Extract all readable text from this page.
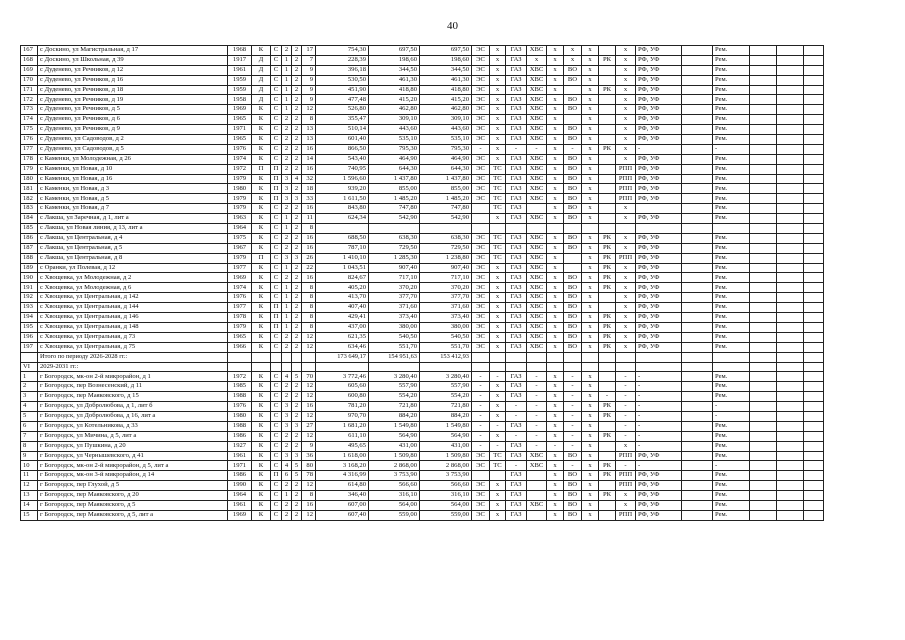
40
167	с Доскино, ул Магистральная, д 17	1968	К	С	2	2	17	754,30	697,50	697,50	ЭС	х	ГАЗ	ХВС	х	х	х		х	РФ, УФ		Рем.			
168	с Доскино, ул Школьная, д 39	1917	Д	С	1	2	7	228,39	198,60	198,60	ЭС	х	ГАЗ	х	х	х	х	РК	х	РФ, УФ		Рем.			
169	с Дуденево, ул Речников, д 12	1961	Д	С	1	2	9	396,18	344,50	344,50	ЭС	х	ГАЗ	ХВС	х	ВО	х		х	РФ, УФ		Рем.			
170	с Дуденево, ул Речников, д 16	1959	Д	С	1	2	9	530,50	461,30	461,30	ЭС	х	ГАЗ	ХВС	х	ВО	х		х	РФ, УФ		Рем.			
171	с Дуденево, ул Речников, д 18	1959	Д	С	1	2	9	451,90	418,80	418,80	ЭС	х	ГАЗ	ХВС	х		х	РК	х	РФ, УФ		Рем.			
172	с Дуденево, ул Речников, д 19	1958	Д	С	1	2	9	477,48	415,20	415,20	ЭС	х	ГАЗ	ХВС	х	ВО	х		х	РФ, УФ		Рем.			
173	с Дуденево, ул Речников, д 5	1969	К	С	1	2	12	526,80	462,80	462,80	ЭС	х	ГАЗ	ХВС	х	ВО	х		х	РФ, УФ		Рем.			
174	с Дуденево, ул Речников, д 6	1965	К	С	2	2	8	355,47	309,10	309,10	ЭС	х	ГАЗ	ХВС	х		х		х	РФ, УФ		Рем.			
175	с Дуденево, ул Речников, д 9	1971	К	С	2	2	13	510,14	443,60	443,60	ЭС	х	ГАЗ	ХВС	х	ВО	х		х	РФ, УФ		Рем.			
176	с Дуденево, ул Садоводов, д 2	1965	К	С	2	2	13	601,40	535,10	535,10	ЭС	х	ГАЗ	ХВС	х	ВО	х		х	РФ, УФ		Рем.			
177	с Дуденево, ул Садоводов, д 5	1976	К	С	2	2	16	866,50	795,30	795,30	-	х	-	-	х	-	х	РК	х	-		-			
178	с Каменки, ул Молодежная, д 26	1974	К	С	2	2	14	543,40	464,90	464,90	ЭС	х	ГАЗ	ХВС	х	ВО	х		х	РФ, УФ		Рем.			
179	с Каменки, ул Новая, д 10	1972	П	П	2	2	16	740,95	644,30	644,30	ЭС	ТС	ГАЗ	ХВС	х	ВО	х		РПП	РФ, УФ		Рем.			
180	с Каменки, ул Новая, д 16	1979	К	П	3	4	32	1 596,60	1 437,80	1 437,80	ЭС	ТС	ГАЗ	ХВС	х	ВО	х		РПП	РФ, УФ		Рем.			
181	с Каменки, ул Новая, д 3	1980	К	П	3	2	18	939,20	855,00	855,00	ЭС	ТС	ГАЗ	ХВС	х	ВО	х		РПП	РФ, УФ		Рем.			
182	с Каменки, ул Новая, д 5	1979	К	П	3	3	33	1 611,50	1 485,20	1 485,20	ЭС	ТС	ГАЗ	ХВС	х	ВО	х		РПП	РФ, УФ		Рем.			
183	с Каменки, ул Новая, д 7	1979	К	С	2	2	16	843,80	747,80	747,80		ТС	ГАЗ		х	ВО	х		х			Рем.			
184	с Лакша, ул Заречная, д 1, лит а	1963	К	С	1	2	11	624,34	542,90	542,90		х	ГАЗ	ХВС	х	ВО	х		х	РФ, УФ		Рем.			
185	с Лакша, ул Новая линия, д 13, лит а	1964	К	С	1	2	8																		
186	с Лакша, ул Центральная, д 4	1975	К	С	2	2	16	688,50	638,30	638,30	ЭС	ТС	ГАЗ	ХВС	х	ВО	х	РК	х	РФ, УФ		Рем.			
187	с Лакша, ул Центральная, д 5	1967	К	С	2	2	16	787,10	729,50	729,50	ЭС	ТС	ГАЗ	ХВС	х	ВО	х	РК	х	РФ, УФ		Рем.			
188	с Лакша, ул Центральная, д 8	1979	П	С	3	3	26	1 410,10	1 285,30	1 238,80	ЭС	ТС	ГАЗ	ХВС	х		х	РК	РПП	РФ, УФ		Рем.			
189	с Оранки, ул Полевая, д 12	1977	К	С	1	2	22	1 043,51	907,40	907,40	ЭС	х	ГАЗ	ХВС	х		х	РК	х	РФ, УФ		Рем.			
190	с Хвощевка, ул Молодежная, д 2	1969	К	С	2	2	16	824,67	717,10	717,10	ЭС	х	ГАЗ	ХВС	х	ВО	х	РК	х	РФ, УФ		Рем.			
191	с Хвощевка, ул Молодежная, д 6	1974	К	С	1	2	8	405,20	370,20	370,20	ЭС	х	ГАЗ	ХВС	х	ВО	х	РК	х	РФ, УФ		Рем.			
192	с Хвощевка, ул Центральная, д 142	1976	К	С	1	2	8	413,70	377,70	377,70	ЭС	х	ГАЗ	ХВС	х	ВО	х		х	РФ, УФ		Рем.			
193	с Хвощевка, ул Центральная, д 144	1977	К	П	1	2	8	407,40	371,60	371,60	ЭС	х	ГАЗ	ХВС	х	ВО	х		х	РФ, УФ		Рем.			
194	с Хвощевка, ул Центральная, д 146	1978	К	П	1	2	8	429,41	373,40	373,40	ЭС	х	ГАЗ	ХВС	х	ВО	х	РК	х	РФ, УФ		Рем.			
195	с Хвощевка, ул Центральная, д 148	1979	К	П	1	2	8	437,00	380,00	380,00	ЭС	х	ГАЗ	ХВС	х	ВО	х	РК	х	РФ, УФ		Рем.			
196	с Хвощевка, ул Центральная, д 73	1965	К	С	2	2	12	621,35	540,50	540,50	ЭС	х	ГАЗ	ХВС	х	ВО	х	РК	х	РФ, УФ		Рем.			
197	с Хвощевка, ул Центральная, д 75	1966	К	С	2	2	12	634,46	551,70	551,70	ЭС	х	ГАЗ	ХВС	х	ВО	х	РК	х	РФ, УФ		Рем.			
	Итого по периоду 2026-2028 гг.:							173 649,17	154 951,63	153 412,93															
VI	2029-2031 гг.:																								
1	г Богородск, мк-он 2-й микрорайон, д 1	1972	К	С	4	5	70	3 772,46	3 280,40	3 280,40	-	-	ГАЗ	-	х	-	х		-	-		Рем.			
2	г Богородск, пер Вознесенский, д 11	1985	К	С	2	2	12	605,60	557,90	557,90	-	х	ГАЗ	-	х	-	х		-	-		Рем.			
3	г Богородск, пер Маяковского, д 15	1988	К	С	2	2	12	600,80	554,20	554,20	-	х	ГАЗ	-	х	-	х	-	-	-		Рем.			
4	г Богородск, ул Добролюбова, д 1, лит б	1976	К	С	3	2	16	781,20	721,80	721,80	-	х	-	-	х	-	х	РК	-	-		-			
5	г Богородск, ул Добролюбова, д 16, лит а	1980	К	С	3	2	12	970,70	884,20	884,20	-	х	-	-	х	-	х	РК	-	-		-			
6	г Богородск, ул Котельникова, д 33	1988	К	С	3	3	27	1 681,20	1 549,80	1 549,80	-	-	ГАЗ	-	х	-	х		-	-		Рем.			
7	г Богородск, ул Мичина, д 5, лит а	1986	К	С	2	2	12	611,10	564,90	564,90	-	х	-	-	х	-	х	РК	-	-		Рем.			
8	г Богородск, ул Пушкина, д 20	1927	К	С	2	2	9	495,65	431,00	431,00	-	-	ГАЗ	-	-	-	х		х	-		Рем.			
9	г Богородск, ул Чернышевского, д 41	1961	К	С	3	3	36	1 618,00	1 509,80	1 509,80	ЭС	ТС	ГАЗ	ХВС	х	ВО	х		РПП	РФ, УФ		Рем.			
10	г Богородск, мк-он 2-й микрорайон, д 5, лит а	1971	К	С	4	5	80	3 168,20	2 868,00	2 868,00	ЭС	ТС	-	ХВС	х	-	х	РК	-	-		-			
11	г Богородск, мк-он 3-й микрорайон, д 14	1986	К	П	6	5	78	4 316,99	3 753,90	3 753,90			ГАЗ		х	ВО	х	РК	РПП	РФ, УФ		Рем.			
12	г Богородск, пер Глухой, д 5	1990	К	С	2	2	12	614,80	566,60	566,60	ЭС	х	ГАЗ		х	ВО	х		РПП	РФ, УФ		Рем.			
13	г Богородск, пер Маяковского, д 20	1964	К	С	1	2	8	346,40	316,10	316,10	ЭС	х	ГАЗ		х	ВО	х	РК	х	РФ, УФ		Рем.			
14	г Богородск, пер Маяковского, д 5	1961	К	С	2	2	16	607,00	564,00	564,00	ЭС	х	ГАЗ	ХВС	х	ВО	х		х	РФ, УФ		Рем.			
15	г Богородск, пер Маяковского, д 5, лит а	1969	К	С	2	2	12	607,40	559,00	559,00	ЭС	х	ГАЗ		х	ВО	х		РПП	РФ, УФ		Рем.			
